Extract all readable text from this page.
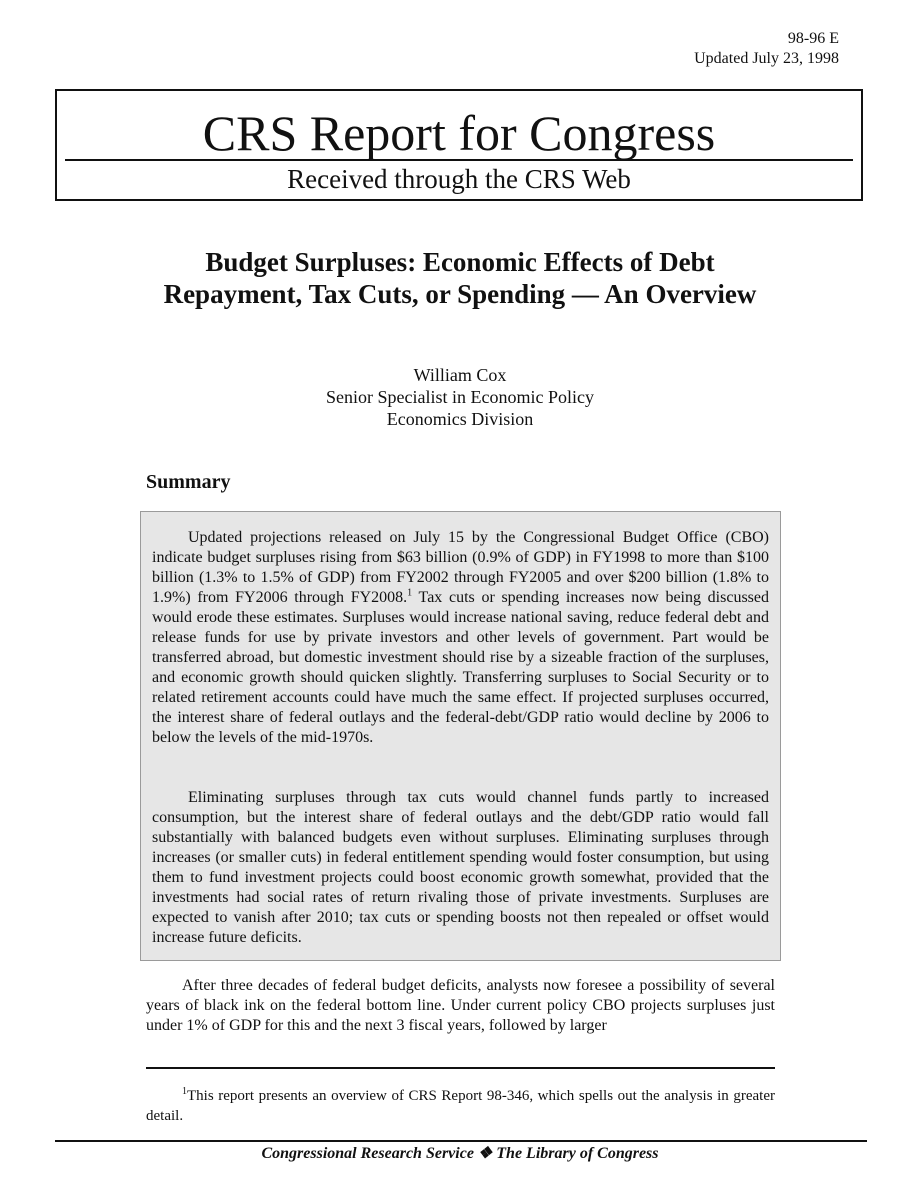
98-96 E
Updated July 23, 1998
CRS Report for Congress
Received through the CRS Web
Budget Surpluses: Economic Effects of Debt Repayment, Tax Cuts, or Spending — An Overview
William Cox
Senior Specialist in Economic Policy
Economics Division
Summary

Updated projections released on July 15 by the Congressional Budget Office (CBO) indicate budget surpluses rising from $63 billion (0.9% of GDP) in FY1998 to more than $100 billion (1.3% to 1.5% of GDP) from FY2002 through FY2005 and over $200 billion (1.8% to 1.9%) from FY2006 through FY2008.$^1$ Tax cuts or spending increases now being discussed would erode these estimates. Surpluses would increase national saving, reduce federal debt and release funds for use by private investors and other levels of government. Part would be transferred abroad, but domestic investment should rise by a sizeable fraction of the surpluses, and economic growth should quicken slightly. Transferring surpluses to Social Security or to related retirement accounts could have much the same effect. If projected surpluses occurred, the interest share of federal outlays and the federal-debt/GDP ratio would decline by 2006 to below the levels of the mid-1970s.

Eliminating surpluses through tax cuts would channel funds partly to increased consumption, but the interest share of federal outlays and the debt/GDP ratio would fall substantially with balanced budgets even without surpluses. Eliminating surpluses through increases (or smaller cuts) in federal entitlement spending would foster consumption, but using them to fund investment projects could boost economic growth somewhat, provided that the investments had social rates of return rivaling those of private investments. Surpluses are expected to vanish after 2010; tax cuts or spending boosts not then repealed or offset would increase future deficits.

After three decades of federal budget deficits, analysts now foresee a possibility of several years of black ink on the federal bottom line. Under current policy CBO projects surpluses just under 1% of GDP for this and the next 3 fiscal years, followed by larger

$^1$This report presents an overview of CRS Report 98-346, which spells out the analysis in greater detail.

Congressional Research Service ❖ The Library of Congress
